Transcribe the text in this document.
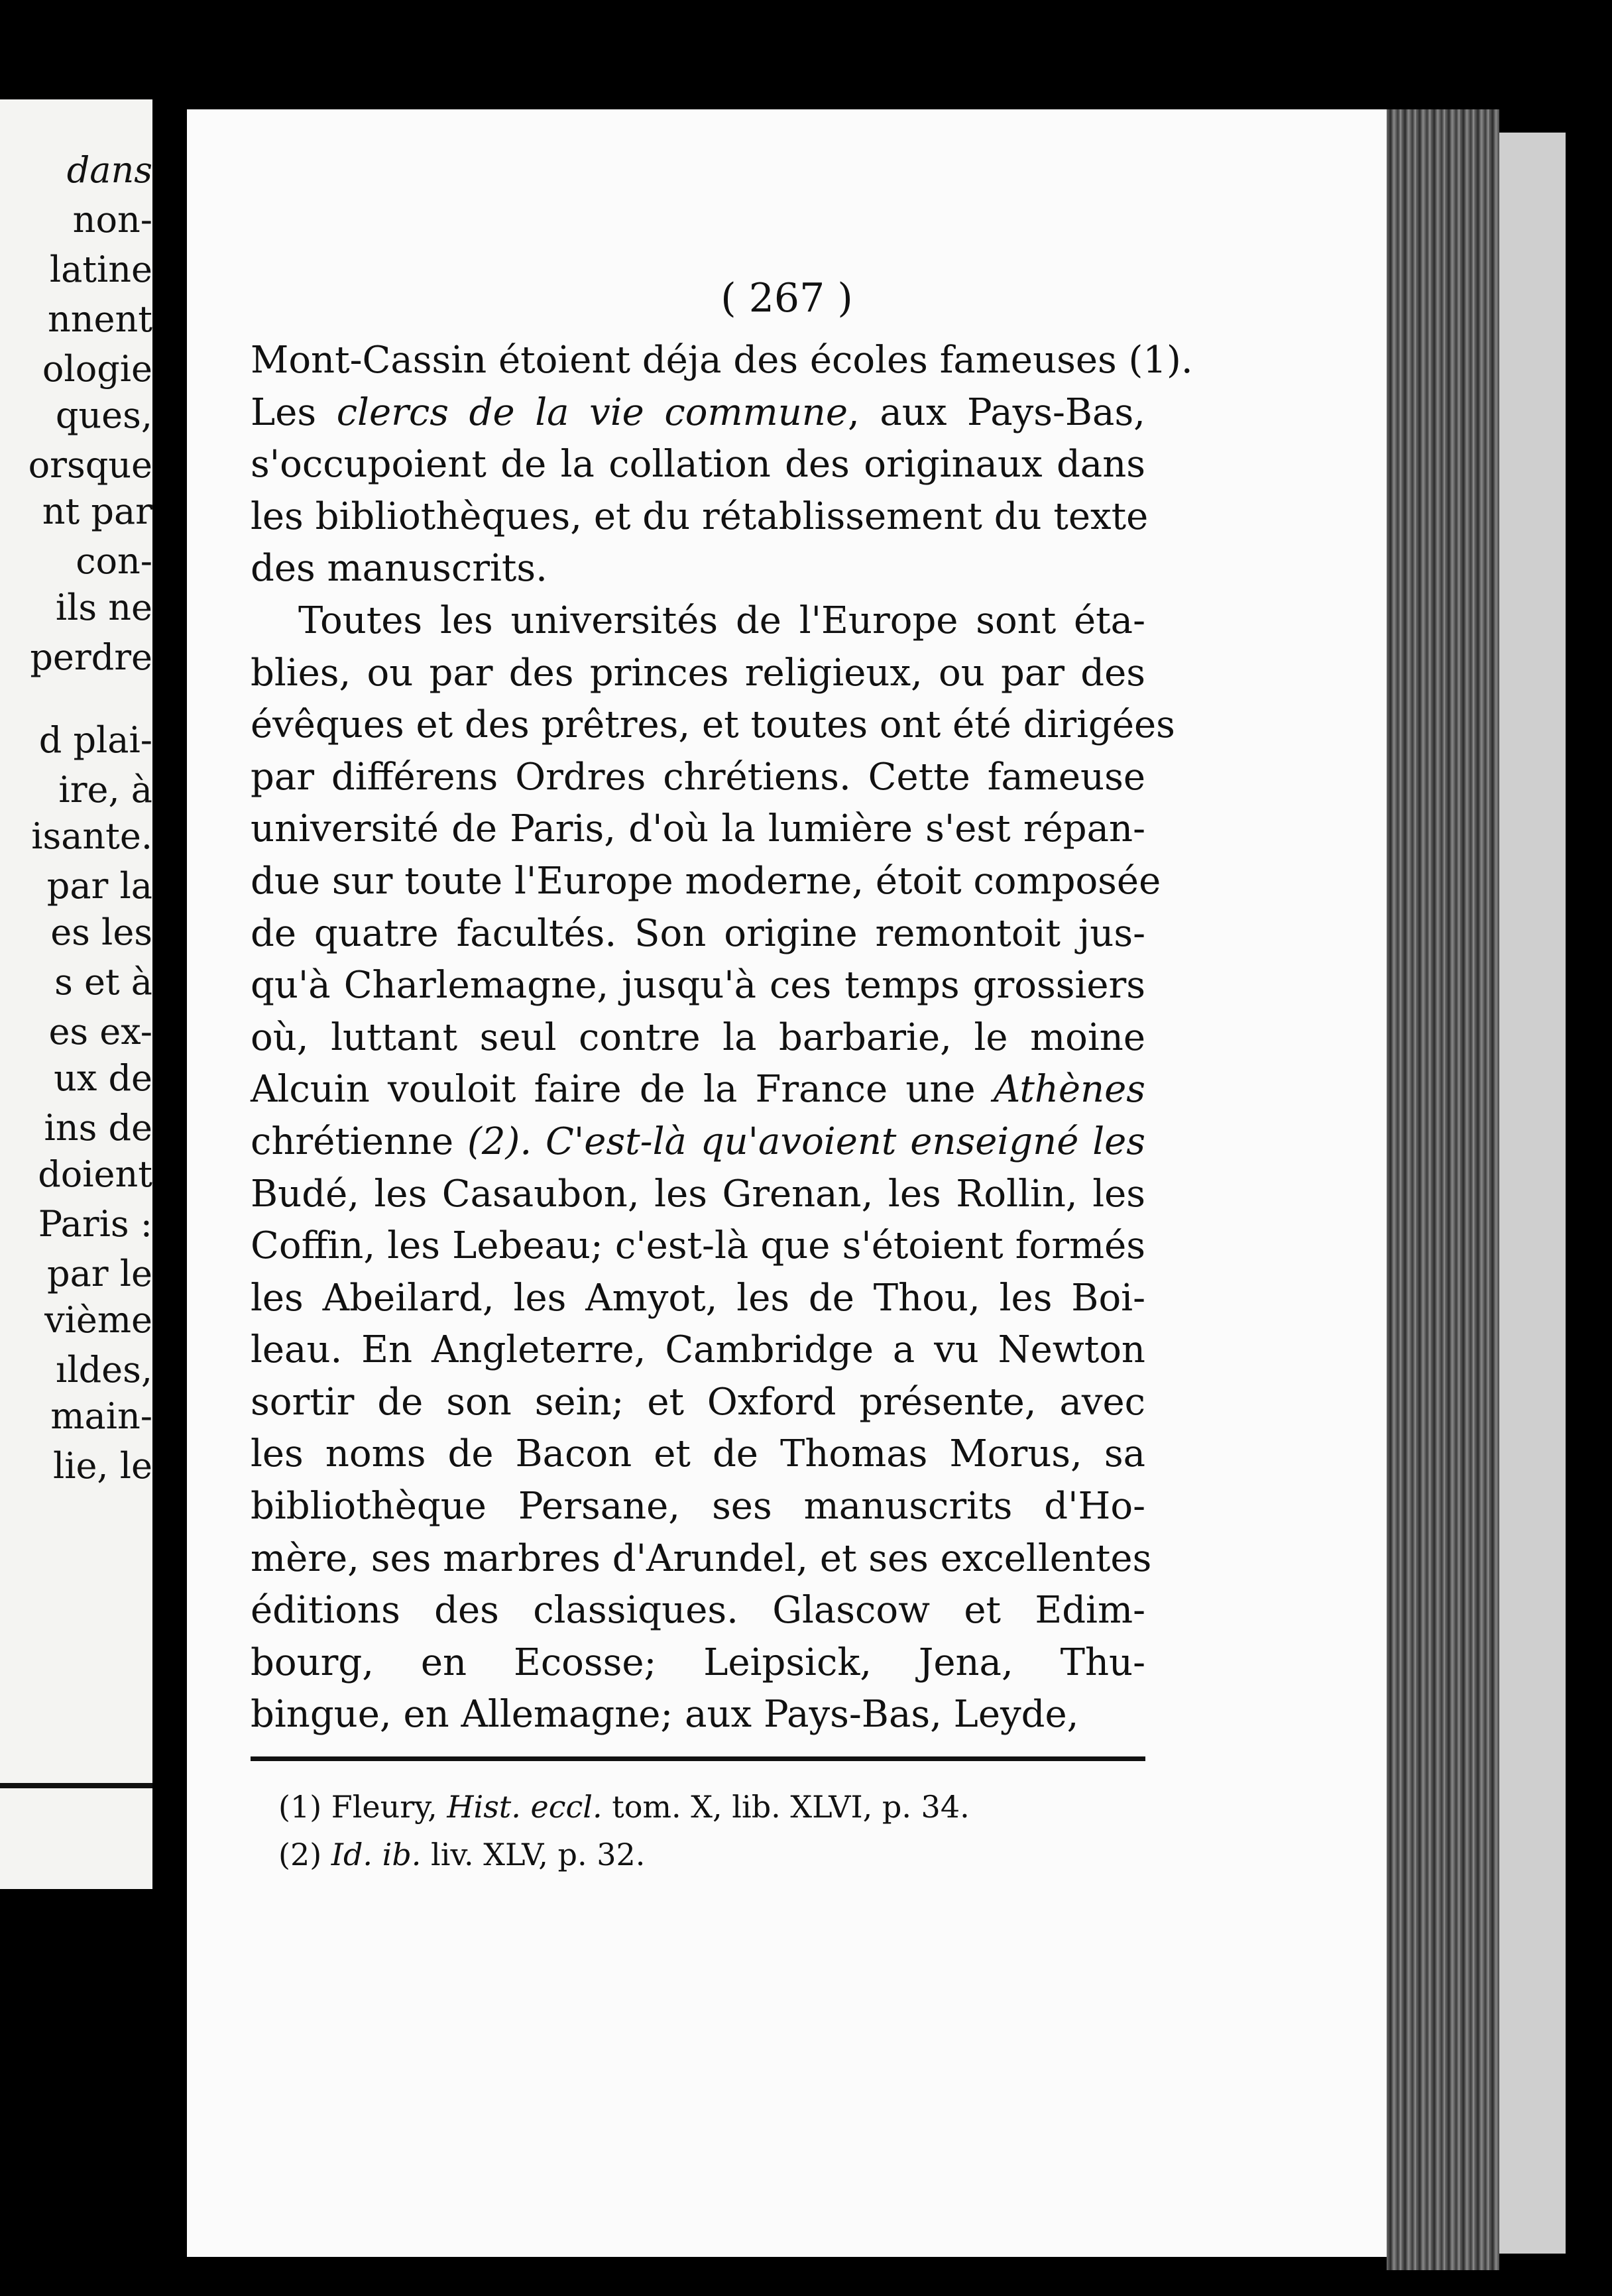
dans
non-
latine
nnent
ologie
ques,
orsque
nt par
con-
ils ne
perdre
d plai-
ire, à
isante.
par la
es les
s et à
es ex-
ux de
ins de
doient
Paris :
par le
vième
ıldes,
main-
lie, le
( 267 )
Mont-Cassin étoient déja des écoles fameuses (1).
Les clercs de la vie commune, aux Pays-Bas,
s'occupoient de la collation des originaux dans
les bibliothèques, et du rétablissement du texte
des manuscrits.
Toutes les universités de l'Europe sont éta-
blies, ou par des princes religieux, ou par des
évêques et des prêtres, et toutes ont été dirigées
par différens Ordres chrétiens. Cette fameuse
université de Paris, d'où la lumière s'est répan-
due sur toute l'Europe moderne, étoit composée
de quatre facultés. Son origine remontoit jus-
qu'à Charlemagne, jusqu'à ces temps grossiers
où, luttant seul contre la barbarie, le moine
Alcuin vouloit faire de la France une Athènes
chrétienne (2). C'est-là qu'avoient enseigné les
Budé, les Casaubon, les Grenan, les Rollin, les
Coffin, les Lebeau; c'est-là que s'étoient formés
les Abeilard, les Amyot, les de Thou, les Boi-
leau. En Angleterre, Cambridge a vu Newton
sortir de son sein; et Oxford présente, avec
les noms de Bacon et de Thomas Morus, sa
bibliothèque Persane, ses manuscrits d'Ho-
mère, ses marbres d'Arundel, et ses excellentes
éditions des classiques. Glascow et Edim-
bourg, en Ecosse; Leipsick, Jena, Thu-
bingue, en Allemagne; aux Pays-Bas, Leyde,
(1) Fleury, Hist. eccl. tom. X, lib. XLVI, p. 34.
(2) Id. ib. liv. XLV, p. 32.
